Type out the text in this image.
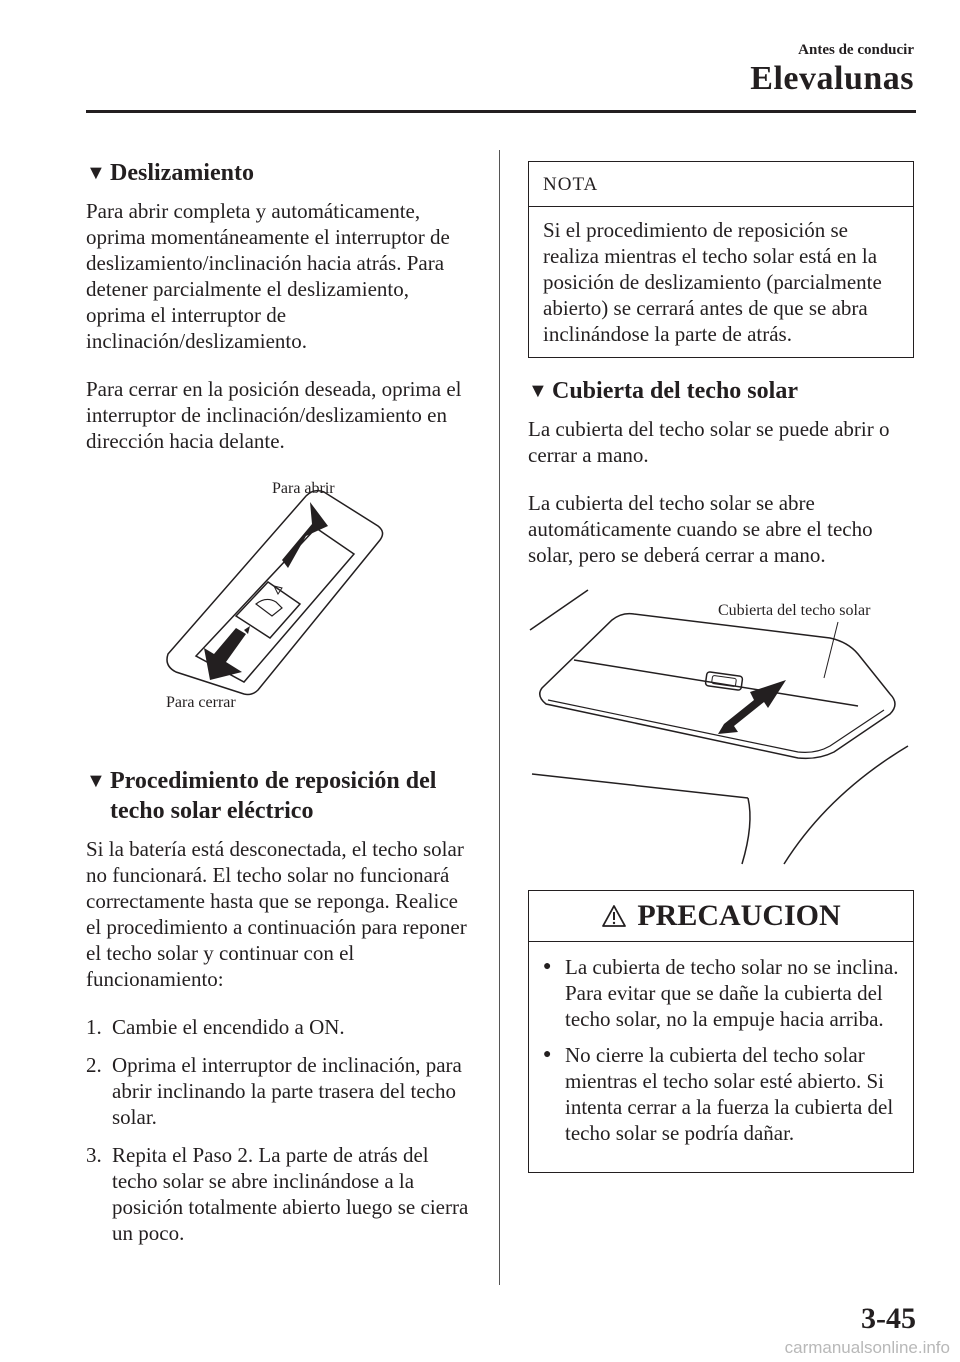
Antes de conducir
Elevalunas
▼ Deslizamiento

Para abrir completa y automáticamente, oprima momentáneamente el interruptor de deslizamiento/inclinación hacia atrás. Para detener parcialmente el deslizamiento, oprima el interruptor de inclinación/deslizamiento.

Para cerrar en la posición deseada, oprima el interruptor de inclinación/deslizamiento en dirección hacia delante.

Para abrir
Para cerrar
▼ Procedimiento de reposición del techo solar eléctrico

Si la batería está desconectada, el techo solar no funcionará. El techo solar no funcionará correctamente hasta que se reponga. Realice el procedimiento a continuación para reponer el techo solar y continuar con el funcionamiento:

1. Cambie el encendido a ON.
2. Oprima el interruptor de inclinación, para abrir inclinando la parte trasera del techo solar.
3. Repita el Paso 2. La parte de atrás del techo solar se abre inclinándose a la posición totalmente abierto luego se cierra un poco.
NOTA
Si el procedimiento de reposición se realiza mientras el techo solar está en la posición de deslizamiento (parcialmente abierto) se cerrará antes de que se abra inclinándose la parte de atrás.
▼ Cubierta del techo solar

La cubierta del techo solar se puede abrir o cerrar a mano.

La cubierta del techo solar se abre automáticamente cuando se abre el techo solar, pero se deberá cerrar a mano.

Cubierta del techo solar
PRECAUCION
● La cubierta de techo solar no se inclina. Para evitar que se dañe la cubierta del techo solar, no la empuje hacia arriba.
● No cierre la cubierta del techo solar mientras el techo solar esté abierto. Si intenta cerrar a la fuerza la cubierta del techo solar se podría dañar.
3-45
carmanualsonline.info
